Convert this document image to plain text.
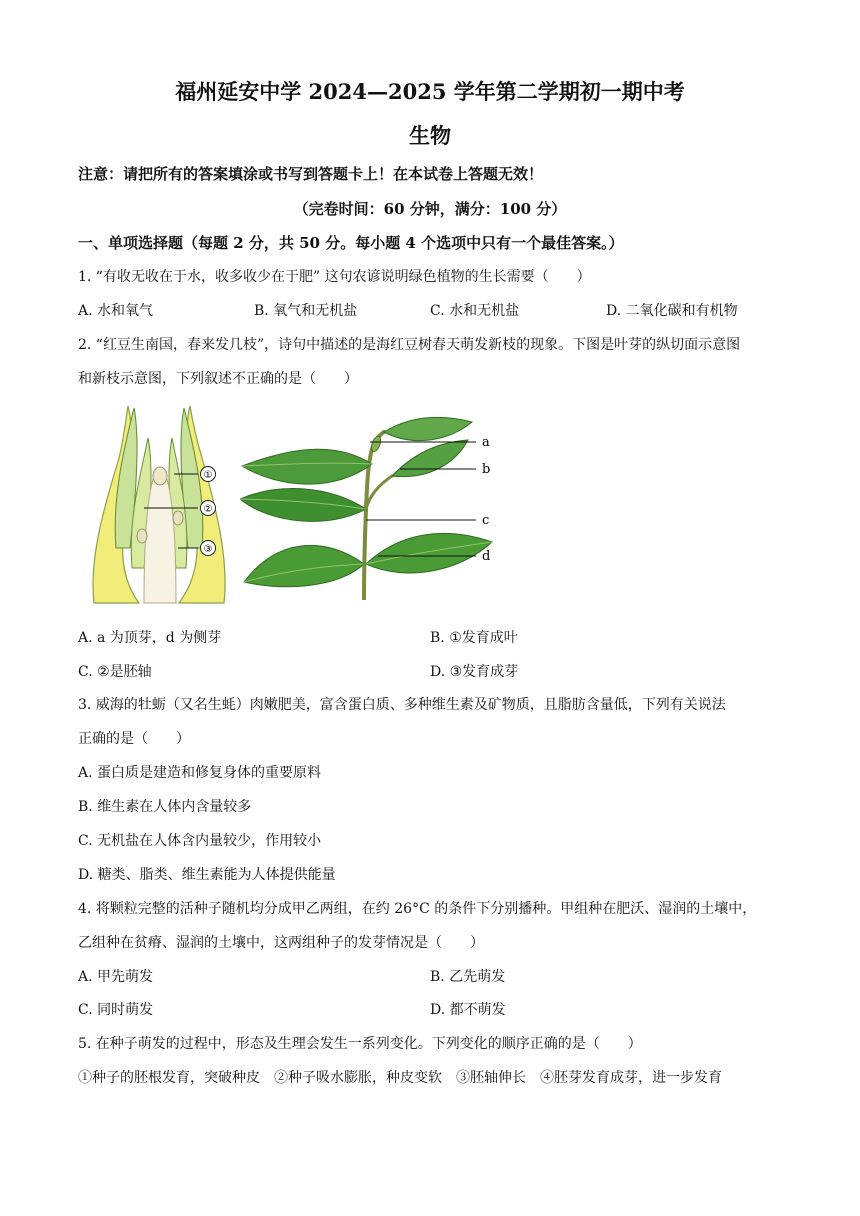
福州延安中学 2024—2025 学年第二学期初一期中考
生物
注意：请把所有的答案填涂或书写到答题卡上！在本试卷上答题无效！
（完卷时间：60 分钟，满分：100 分）
一、单项选择题（每题 2 分，共 50 分。每小题 4 个选项中只有一个最佳答案。）
1. “有收无收在于水，收多收少在于肥” 这句农谚说明绿色植物的生长需要（　　）
A. 水和氧气	B. 氧气和无机盐	C. 水和无机盐	D. 二氧化碳和有机物
2. “红豆生南国，春来发几枝”，诗句中描述的是海红豆树春天萌发新枝的现象。下图是叶芽的纵切面示意图
和新枝示意图，下列叙述不正确的是（　　）
①
②
③
a
b
c
d
A. a 为顶芽，d 为侧芽	B. ①发育成叶
C. ②是胚轴	D. ③发育成芽
3. 威海的牡蛎（又名生蚝）肉嫩肥美，富含蛋白质、多种维生素及矿物质，且脂肪含量低，下列有关说法
正确的是（　　）
A. 蛋白质是建造和修复身体的重要原料
B. 维生素在人体内含量较多
C. 无机盐在人体含内量较少，作用较小
D. 糖类、脂类、维生素能为人体提供能量
4. 将颗粒完整的活种子随机均分成甲乙两组，在约 26°C 的条件下分别播种。甲组种在肥沃、湿润的土壤中，
乙组种在贫瘠、湿润的土壤中，这两组种子的发芽情况是（　　）
A. 甲先萌发	B. 乙先萌发
C. 同时萌发	D. 都不萌发
5. 在种子萌发的过程中，形态及生理会发生一系列变化。下列变化的顺序正确的是（　　）
①种子的胚根发育，突破种皮　②种子吸水膨胀，种皮变软　③胚轴伸长　④胚芽发育成芽，进一步发育
